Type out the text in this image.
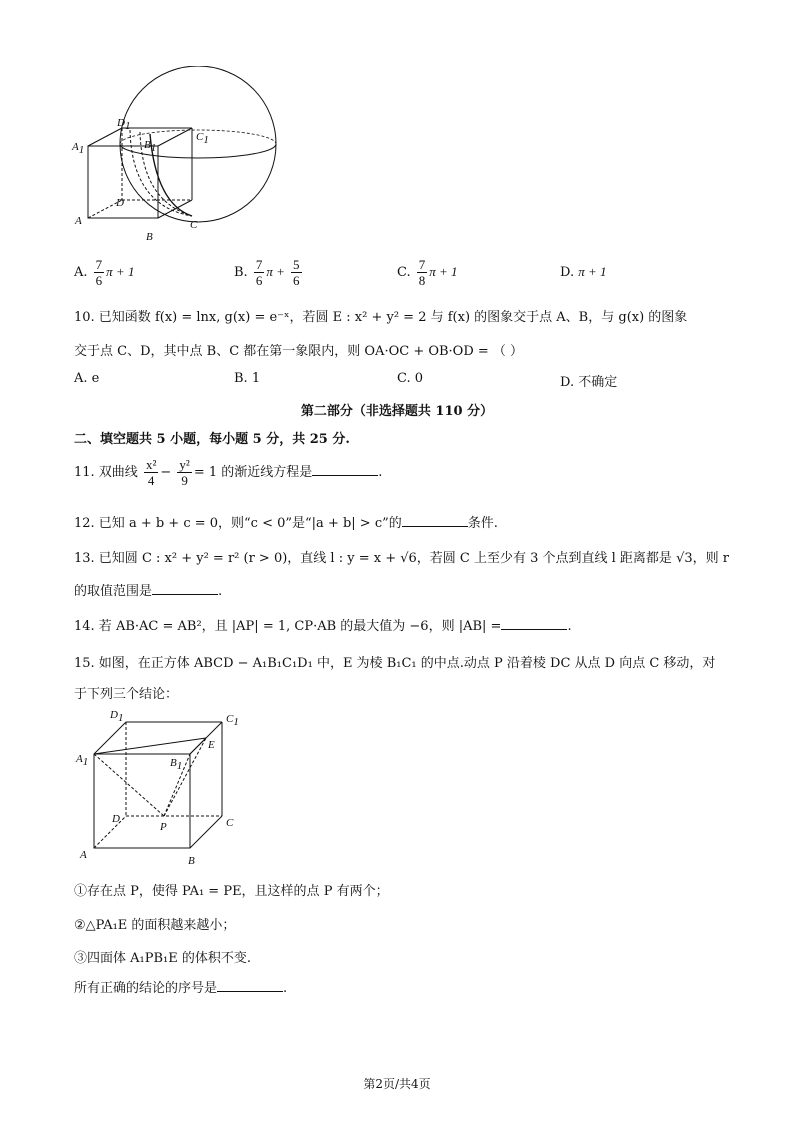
A1
D1
B1
C1
D
A
B
C
A. $\frac{7}{6}$ π + 1	B. $\frac{7}{6}$ $\pi + \frac{5}{6}$	C. $\frac{7}{8}$ π + 1	D. π + 1
10. 已知函数 f(x) = lnx, g(x) = e⁻ˣ，若圆 E : x² + y² = 2 与 f(x) 的图象交于点 A、B，与 g(x) 的图象
交于点 C、D，其中点 B、C 都在第一象限内，则 OA·OC + OB·OD = （ ）
A. e	B. 1	C. 0	D. 不确定
第二部分（非选择题共 110 分）
二、填空题共 5 小题，每小题 5 分，共 25 分.
11. 双曲线 $\frac{\text{x²}}{4} - \frac{\text{y²}}{9} = 1$ 的渐近线方程是	.
12. 已知 a + b + c = 0，则“c < 0”是“|a + b| > c”的	条件.
13. 已知圆 C : x² + y² = r² (r > 0)，直线 l : y = x + √6，若圆 C 上至少有 3 个点到直线 l 距离都是 √3，则 r
的取值范围是	.
14. 若 AB·AC = AB²，且 |AP| = 1, CP·AB 的最大值为 −6，则 |AB| =	.
15. 如图，在正方体 ABCD − A₁B₁C₁D₁ 中，E 为棱 B₁C₁ 的中点.动点 P 沿着棱 DC 从点 D 向点 C 移动，对
于下列三个结论：
D1	C1
A1	B1
E
D
P	C
A	B
①存在点 P，使得 PA₁ = PE，且这样的点 P 有两个；
②△PA₁E 的面积越来越小；
③四面体 A₁PB₁E 的体积不变.
所有正确的结论的序号是	.
第2页/共4页
